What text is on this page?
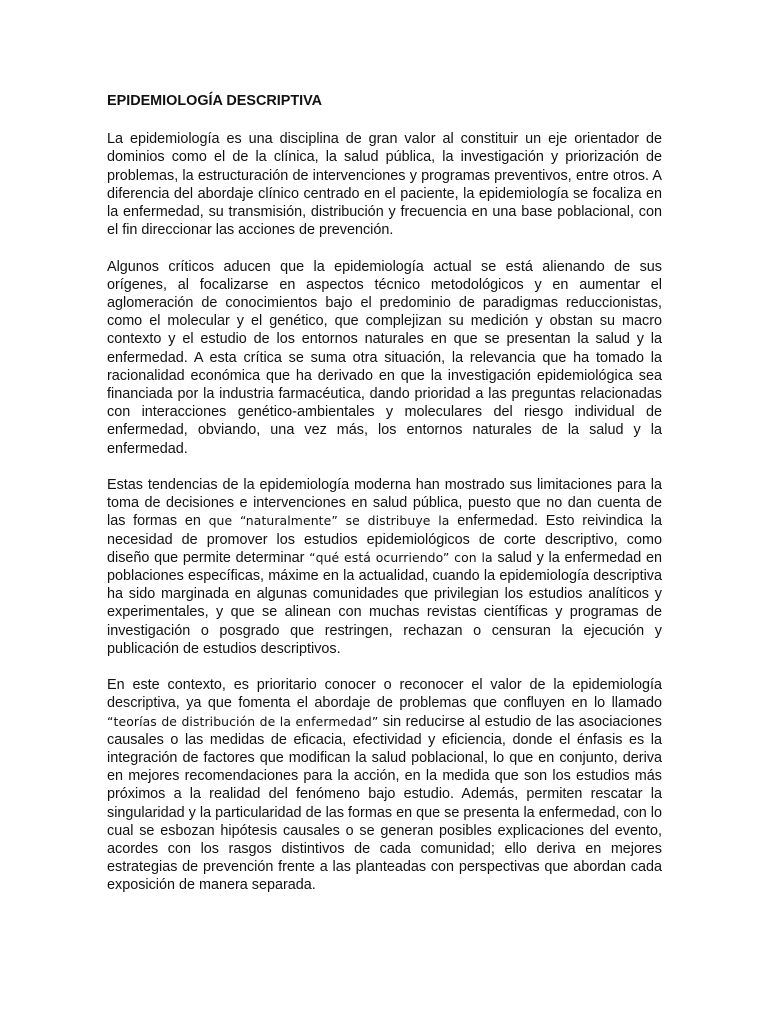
EPIDEMIOLOGÍA DESCRIPTIVA

La epidemiología es una disciplina de gran valor al constituir un eje orientador de dominios como el de la clínica, la salud pública, la investigación y priorización de problemas, la estructuración de intervenciones y programas preventivos, entre otros. A diferencia del abordaje clínico centrado en el paciente, la epidemiología se focaliza en la enfermedad, su transmisión, distribución y frecuencia en una base poblacional, con el fin direccionar las acciones de prevención.

Algunos críticos aducen que la epidemiología actual se está alienando de sus orígenes, al focalizarse en aspectos técnico metodológicos y en aumentar el aglomeración de conocimientos bajo el predominio de paradigmas reduccionistas, como el molecular y el genético, que complejizan su medición y obstan su macro contexto y el estudio de los entornos naturales en que se presentan la salud y la enfermedad. A esta crítica se suma otra situación, la relevancia que ha tomado la racionalidad económica que ha derivado en que la investigación epidemiológica sea financiada por la industria farmacéutica, dando prioridad a las preguntas relacionadas con interacciones genético-ambientales y moleculares del riesgo individual de enfermedad, obviando, una vez más, los entornos naturales de la salud y la enfermedad.

Estas tendencias de la epidemiología moderna han mostrado sus limitaciones para la toma de decisiones e intervenciones en salud pública, puesto que no dan cuenta de las formas en que “naturalmente” se distribuye la enfermedad. Esto reivindica la necesidad de promover los estudios epidemiológicos de corte descriptivo, como diseño que permite determinar “qué está ocurriendo” con la salud y la enfermedad en poblaciones específicas, máxime en la actualidad, cuando la epidemiología descriptiva ha sido marginada en algunas comunidades que privilegian los estudios analíticos y experimentales, y que se alinean con muchas revistas científicas y programas de investigación o posgrado que restringen, rechazan o censuran la ejecución y publicación de estudios descriptivos.

En este contexto, es prioritario conocer o reconocer el valor de la epidemiología descriptiva, ya que fomenta el abordaje de problemas que confluyen en lo llamado “teorías de distribución de la enfermedad” sin reducirse al estudio de las asociaciones causales o las medidas de eficacia, efectividad y eficiencia, donde el énfasis es la integración de factores que modifican la salud poblacional, lo que en conjunto, deriva en mejores recomendaciones para la acción, en la medida que son los estudios más próximos a la realidad del fenómeno bajo estudio. Además, permiten rescatar la singularidad y la particularidad de las formas en que se presenta la enfermedad, con lo cual se esbozan hipótesis causales o se generan posibles explicaciones del evento, acordes con los rasgos distintivos de cada comunidad; ello deriva en mejores estrategias de prevención frente a las planteadas con perspectivas que abordan cada exposición de manera separada.
